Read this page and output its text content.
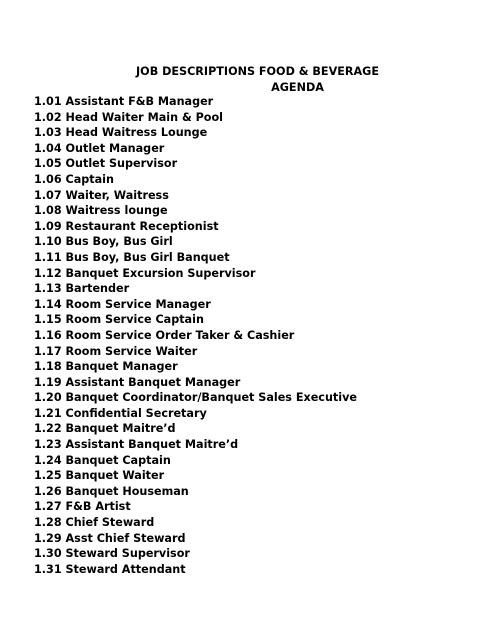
JOB DESCRIPTIONS FOOD & BEVERAGE
AGENDA
1.01 Assistant F&B Manager
1.02 Head Waiter Main & Pool
1.03 Head Waitress Lounge
1.04 Outlet Manager
1.05 Outlet Supervisor
1.06 Captain
1.07 Waiter, Waitress
1.08 Waitress lounge
1.09 Restaurant Receptionist
1.10 Bus Boy, Bus Girl
1.11 Bus Boy, Bus Girl Banquet
1.12 Banquet Excursion Supervisor
1.13 Bartender
1.14 Room Service Manager
1.15 Room Service Captain
1.16 Room Service Order Taker & Cashier
1.17 Room Service Waiter
1.18 Banquet Manager
1.19 Assistant Banquet Manager
1.20 Banquet Coordinator/Banquet Sales Executive
1.21 Confidential Secretary
1.22 Banquet Maitre’d
1.23 Assistant Banquet Maitre’d
1.24 Banquet Captain
1.25 Banquet Waiter
1.26 Banquet Houseman
1.27 F&B Artist
1.28 Chief Steward
1.29 Asst Chief Steward
1.30 Steward Supervisor
1.31 Steward Attendant
